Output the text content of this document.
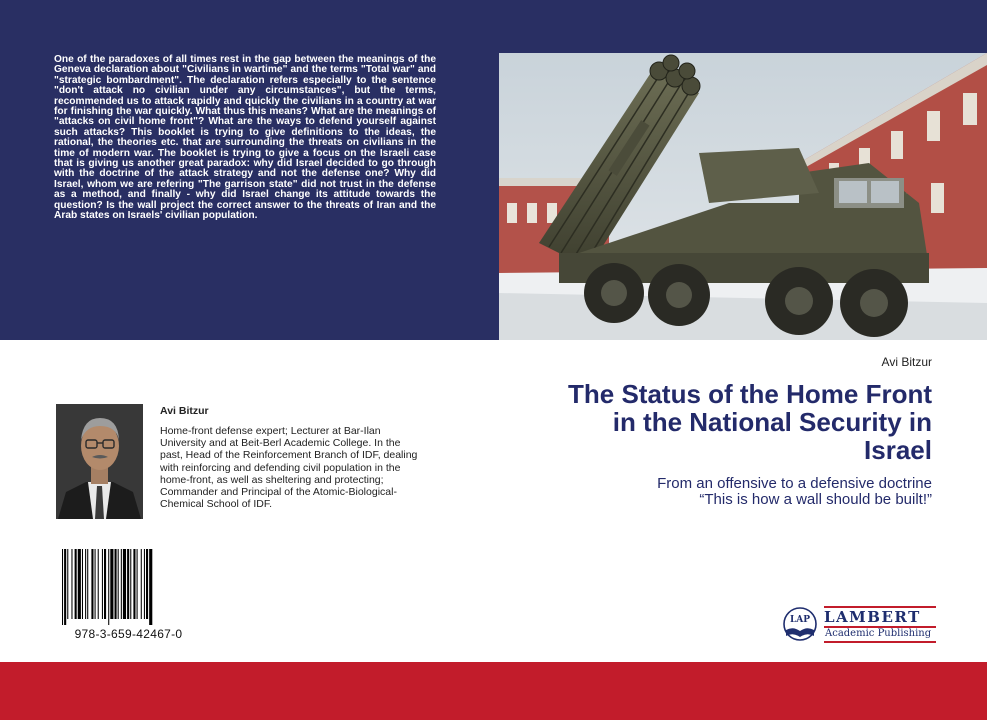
One of the paradoxes of all times rest in the gap between the meanings of the Geneva declaration about "Civilians in wartime" and the terms "Total war" and "strategic bombardment". The declaration refers especially to the sentence "don't attack no civilian under any circumstances", but the terms, recommended us to attack rapidly and quickly the civilians in a country at war for finishing the war quickly. What thus this means? What are the meanings of "attacks on civil home front"? What are the ways to defend yourself against such attacks? This booklet is trying to give definitions to the ideas, the rational, the theories etc. that are surrounding the threats on civilians in the time of modern war. The booklet is trying to give a focus on the Israeli case that is giving us another great paradox: why did Israel decided to go through with the doctrine of the attack strategy and not the defense one? Why did Israel, whom we are refering "The garrison state" did not trust in the defense as a method, and finally - why did Israel change its attitude towards the question? Is the wall project the correct answer to the threats of Iran and the Arab states on Israels' civilian population.

Avi Bitzur

The Status of the Home Front in the National Security in Israel
From an offensive to a defensive doctrine
“This is how a wall should be built!”

Avi Bitzur

Home-front defense expert; Lecturer at Bar-Ilan University and at Beit-Berl Academic College. In the past, Head of the Reinforcement Branch of IDF, dealing with reinforcing and defending civil population in the home-front, as well as sheltering and protecting; Commander and Principal of the Atomic-Biological-Chemical School of IDF.

978-3-659-42467-0

LAP LAMBERT
Academic Publishing
